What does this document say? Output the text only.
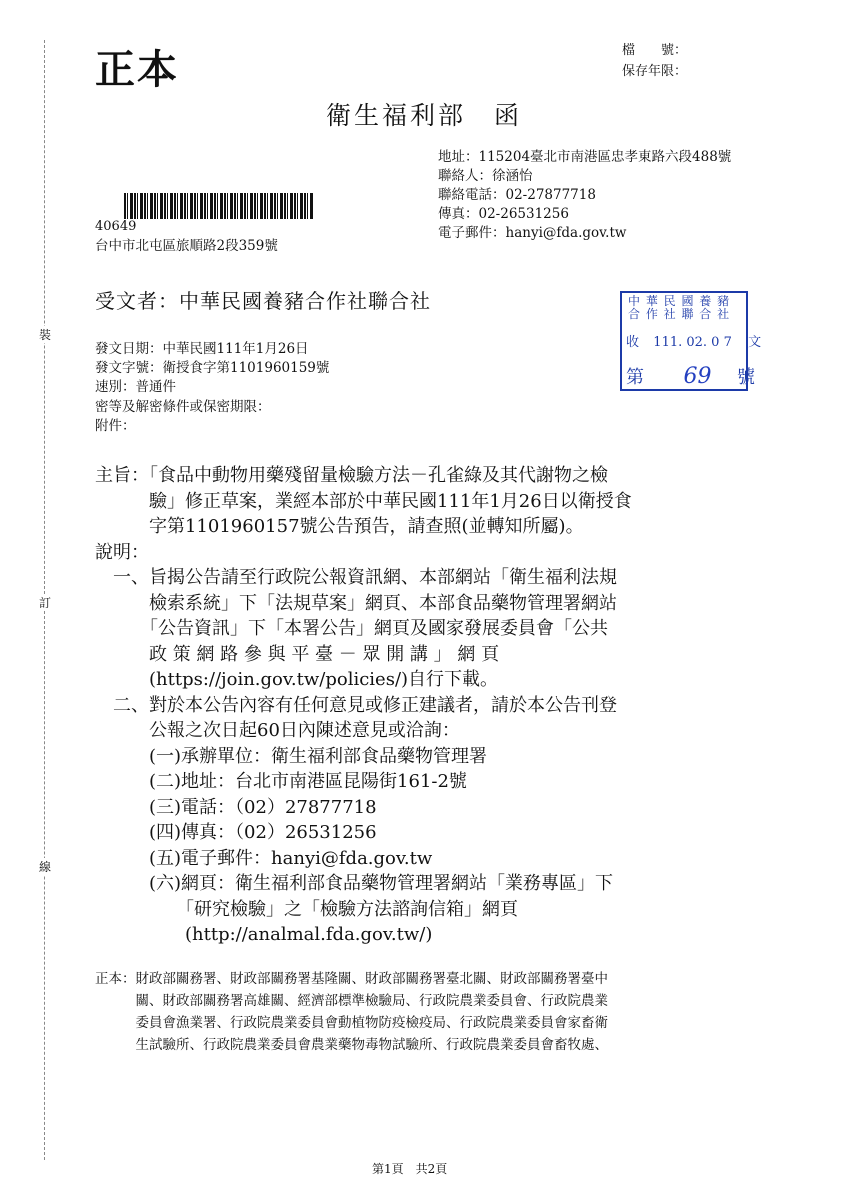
裝
訂
線
正本	檔　　號：
保存年限：
衛生福利部　函
地址：115204臺北市南港區忠孝東路六段488號
聯絡人：徐涵怡
聯絡電話：02-27877718
傳真：02-26531256
電子郵件：hanyi@fda.gov.tw
40649
台中市北屯區旅順路2段359號
受文者：中華民國養豬合作社聯合社	中 華 民 國 養 豬
合 作 社 聯 合 社
收 111. 02. 0 7 文
第 69 號
發文日期：中華民國111年1月26日
發文字號：衛授食字第1101960159號
速別：普通件
密等及解密條件或保密期限：
附件：
主旨：「食品中動物用藥殘留量檢驗方法－孔雀綠及其代謝物之檢
　　　驗」修正草案，業經本部於中華民國111年1月26日以衛授食
　　　字第1101960157號公告預告，請查照(並轉知所屬)。
說明：
　一、旨揭公告請至行政院公報資訊網、本部網站「衛生福利法規
　　　檢索系統」下「法規草案」網頁、本部食品藥物管理署網站
　　　「公告資訊」下「本署公告」網頁及國家發展委員會「公共
　　　政 策 網 路 參 與 平 臺 － 眾 開 講 」 網 頁
　　　(https://join.gov.tw/policies/)自行下載。
　二、對於本公告內容有任何意見或修正建議者，請於本公告刊登
　　　公報之次日起60日內陳述意見或洽詢：
　　　(一)承辦單位：衛生福利部食品藥物管理署
　　　(二)地址：台北市南港區昆陽街161-2號
　　　(三)電話：（02）27877718
　　　(四)傳真：（02）26531256
　　　(五)電子郵件：hanyi@fda.gov.tw
　　　(六)網頁：衛生福利部食品藥物管理署網站「業務專區」下
　　　　　「研究檢驗」之「檢驗方法諮詢信箱」網頁
　　　　　(http://analmal.fda.gov.tw/)
正本：財政部關務署、財政部關務署基隆關、財政部關務署臺北關、財政部關務署臺中
　　　關、財政部關務署高雄關、經濟部標準檢驗局、行政院農業委員會、行政院農業
　　　委員會漁業署、行政院農業委員會動植物防疫檢疫局、行政院農業委員會家畜衛
　　　生試驗所、行政院農業委員會農業藥物毒物試驗所、行政院農業委員會畜牧處、
第1頁　共2頁
